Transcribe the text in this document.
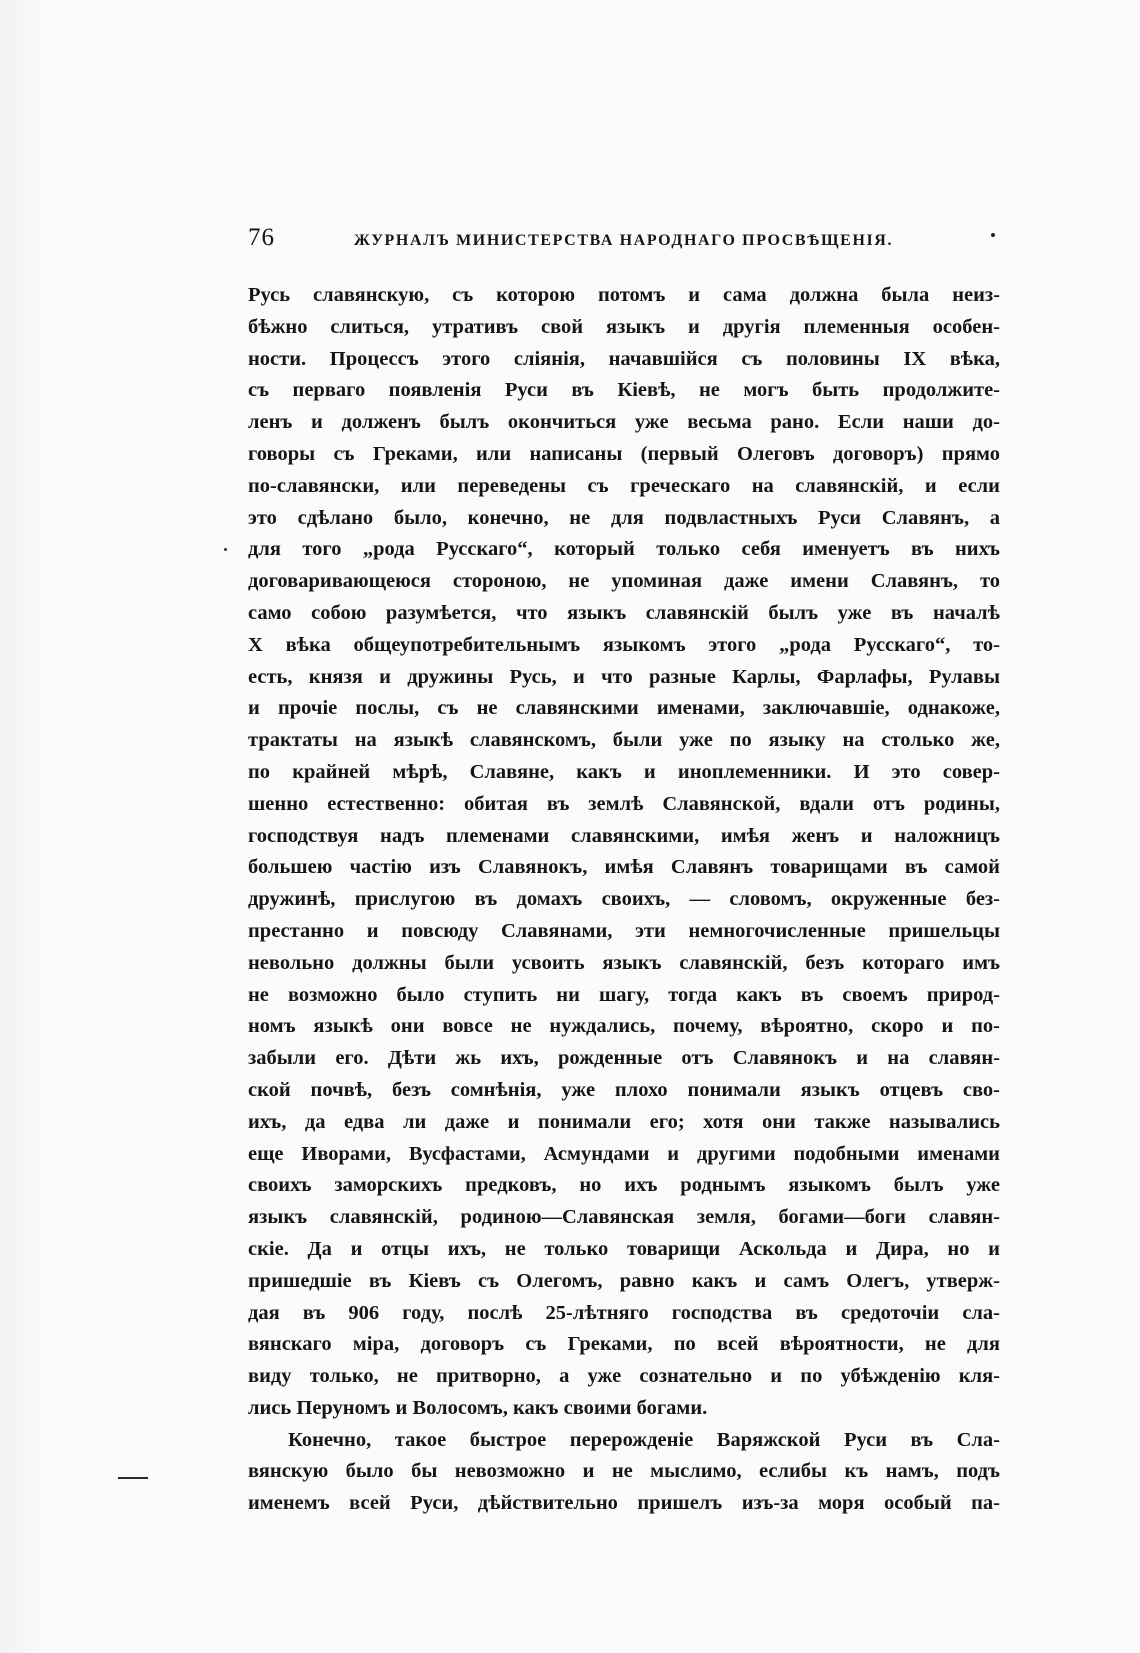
76	ЖУРНАЛЪ МИНИСТЕРСТВА НАРОДНАГО ПРОСВѢЩЕНІЯ.
Русь славянскую, съ которою потомъ и сама должна была неиз-
бѣжно слиться, утративъ свой языкъ и другія племенныя особен-
ности. Процессъ этого слiянія, начавшiйся съ половины IX вѣка,
съ перваго появленія Руси въ Кiевѣ, не могъ быть продолжите-
ленъ и долженъ былъ окончиться уже весьма рано. Если наши до-
говоры съ Греками, или написаны (первый Олеговъ договоръ) прямо
по-славянски, или переведены съ греческаго на славянскій, и если
это сдѣлано было, конечно, не для подвластныхъ Руси Славянъ, а
для того „рода Русскаго“, который только себя именуетъ въ нихъ
договаривающеюся стороною, не упоминая даже имени Славянъ, то
само собою разумѣется, что языкъ славянскій былъ уже въ началѣ
X вѣка общеупотребительнымъ языкомъ этого „рода Русскаго“, то-
есть, князя и дружины Русь, и что разные Карлы, Фарлафы, Рулавы
и прочіе послы, съ не славянскими именами, заключавшіе, однакоже,
трактаты на языкѣ славянскомъ, были уже по языку на столько же,
по крайней мѣрѣ, Славяне, какъ и иноплеменники. И это совер-
шенно естественно: обитая въ землѣ Славянской, вдали отъ родины,
господствуя надъ племенами славянскими, имѣя женъ и наложницъ
большею частію изъ Славянокъ, имѣя Славянъ товарищами въ самой
дружинѣ, прислугою въ домахъ своихъ, — словомъ, окруженные без-
престанно и повсюду Славянами, эти немногочисленные пришельцы
невольно должны были усвоить языкъ славянскій, безъ котораго имъ
не возможно было ступить ни шагу, тогда какъ въ своемъ природ-
номъ языкѣ они вовсе не нуждались, почему, вѣроятно, скоро и по-
забыли его. Дѣти жь ихъ, рожденные отъ Славянокъ и на славян-
ской почвѣ, безъ сомнѣнія, уже плохо понимали языкъ отцевъ сво-
ихъ, да едва ли даже и понимали его; хотя они также назывались
еще Иворами, Вусфастами, Асмундами и другими подобными именами
своихъ заморскихъ предковъ, но ихъ роднымъ языкомъ былъ уже
языкъ славянскій, родиною—Славянская земля, богами—боги славян-
скіе. Да и отцы ихъ, не только товарищи Аскольда и Дира, но и
пришедшіе въ Кіевъ съ Олегомъ, равно какъ и самъ Олегъ, утверж-
дая въ 906 году, послѣ 25-лѣтняго господства въ средоточіи сла-
вянскаго міра, договоръ съ Греками, по всей вѣроятности, не для
виду только, не притворно, а уже сознательно и по убѣжденію кля-
лись Перуномъ и Волосомъ, какъ своими богами.
Конечно, такое быстрое перерожденіе Варяжской Руси въ Сла-
вянскую было бы невозможно и не мыслимо, еслибы къ намъ, подъ
именемъ всей Руси, дѣйствительно пришелъ изъ-за моря особый па-
